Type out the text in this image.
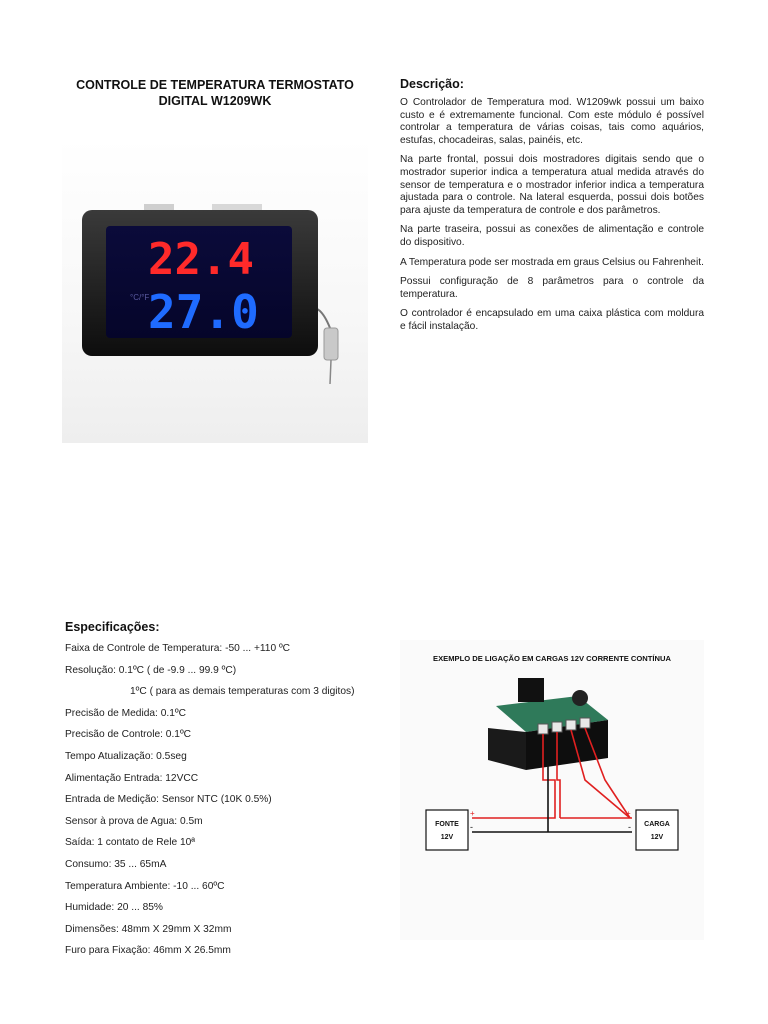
CONTROLE DE TEMPERATURA TERMOSTATO DIGITAL W1209WK
°C/°F
22.4
27.0
Descrição:

O Controlador de Temperatura mod. W1209wk possui um baixo custo e é extremamente funcional. Com este módulo é possível controlar a temperatura de várias coisas, tais como aquários, estufas, chocadeiras, salas, painéis, etc.

Na parte frontal, possui dois mostradores digitais sendo que o mostrador superior indica a temperatura atual medida através do sensor de temperatura e o mostrador inferior indica a temperatura ajustada para o controle. Na lateral esquerda, possui dois botões para ajuste da temperatura de controle e dos parâmetros.

Na parte traseira, possui as conexões de alimentação e controle do dispositivo.

A Temperatura pode ser mostrada em graus Celsius ou Fahrenheit.

Possui configuração de 8 parâmetros para o controle da temperatura.

O controlador é encapsulado em uma caixa plástica com moldura e fácil instalação.

Especificações:
Faixa de Controle de Temperatura: -50 ... +110 ºC
Resolução: 0.1ºC ( de -9.9 ... 99.9 ºC)
1ºC ( para as demais temperaturas com 3 digitos)
Precisão de Medida: 0.1ºC
Precisão de Controle: 0.1ºC
Tempo Atualização: 0.5seg
Alimentação Entrada: 12VCC
Entrada de Medição: Sensor NTC (10K 0.5%)
Sensor à prova de Agua: 0.5m
Saída: 1 contato de Rele 10ª
Consumo: 35 ... 65mA
Temperatura Ambiente: -10 ... 60ºC
Humidade: 20 ... 85%
Dimensões: 48mm X 29mm X 32mm
Furo para Fixação: 46mm X 26.5mm
EXEMPLO DE LIGAÇÃO EM CARGAS 12V CORRENTE CONTÍNUA
FONTE
12V
+
-	CARGA
12V
+
-
